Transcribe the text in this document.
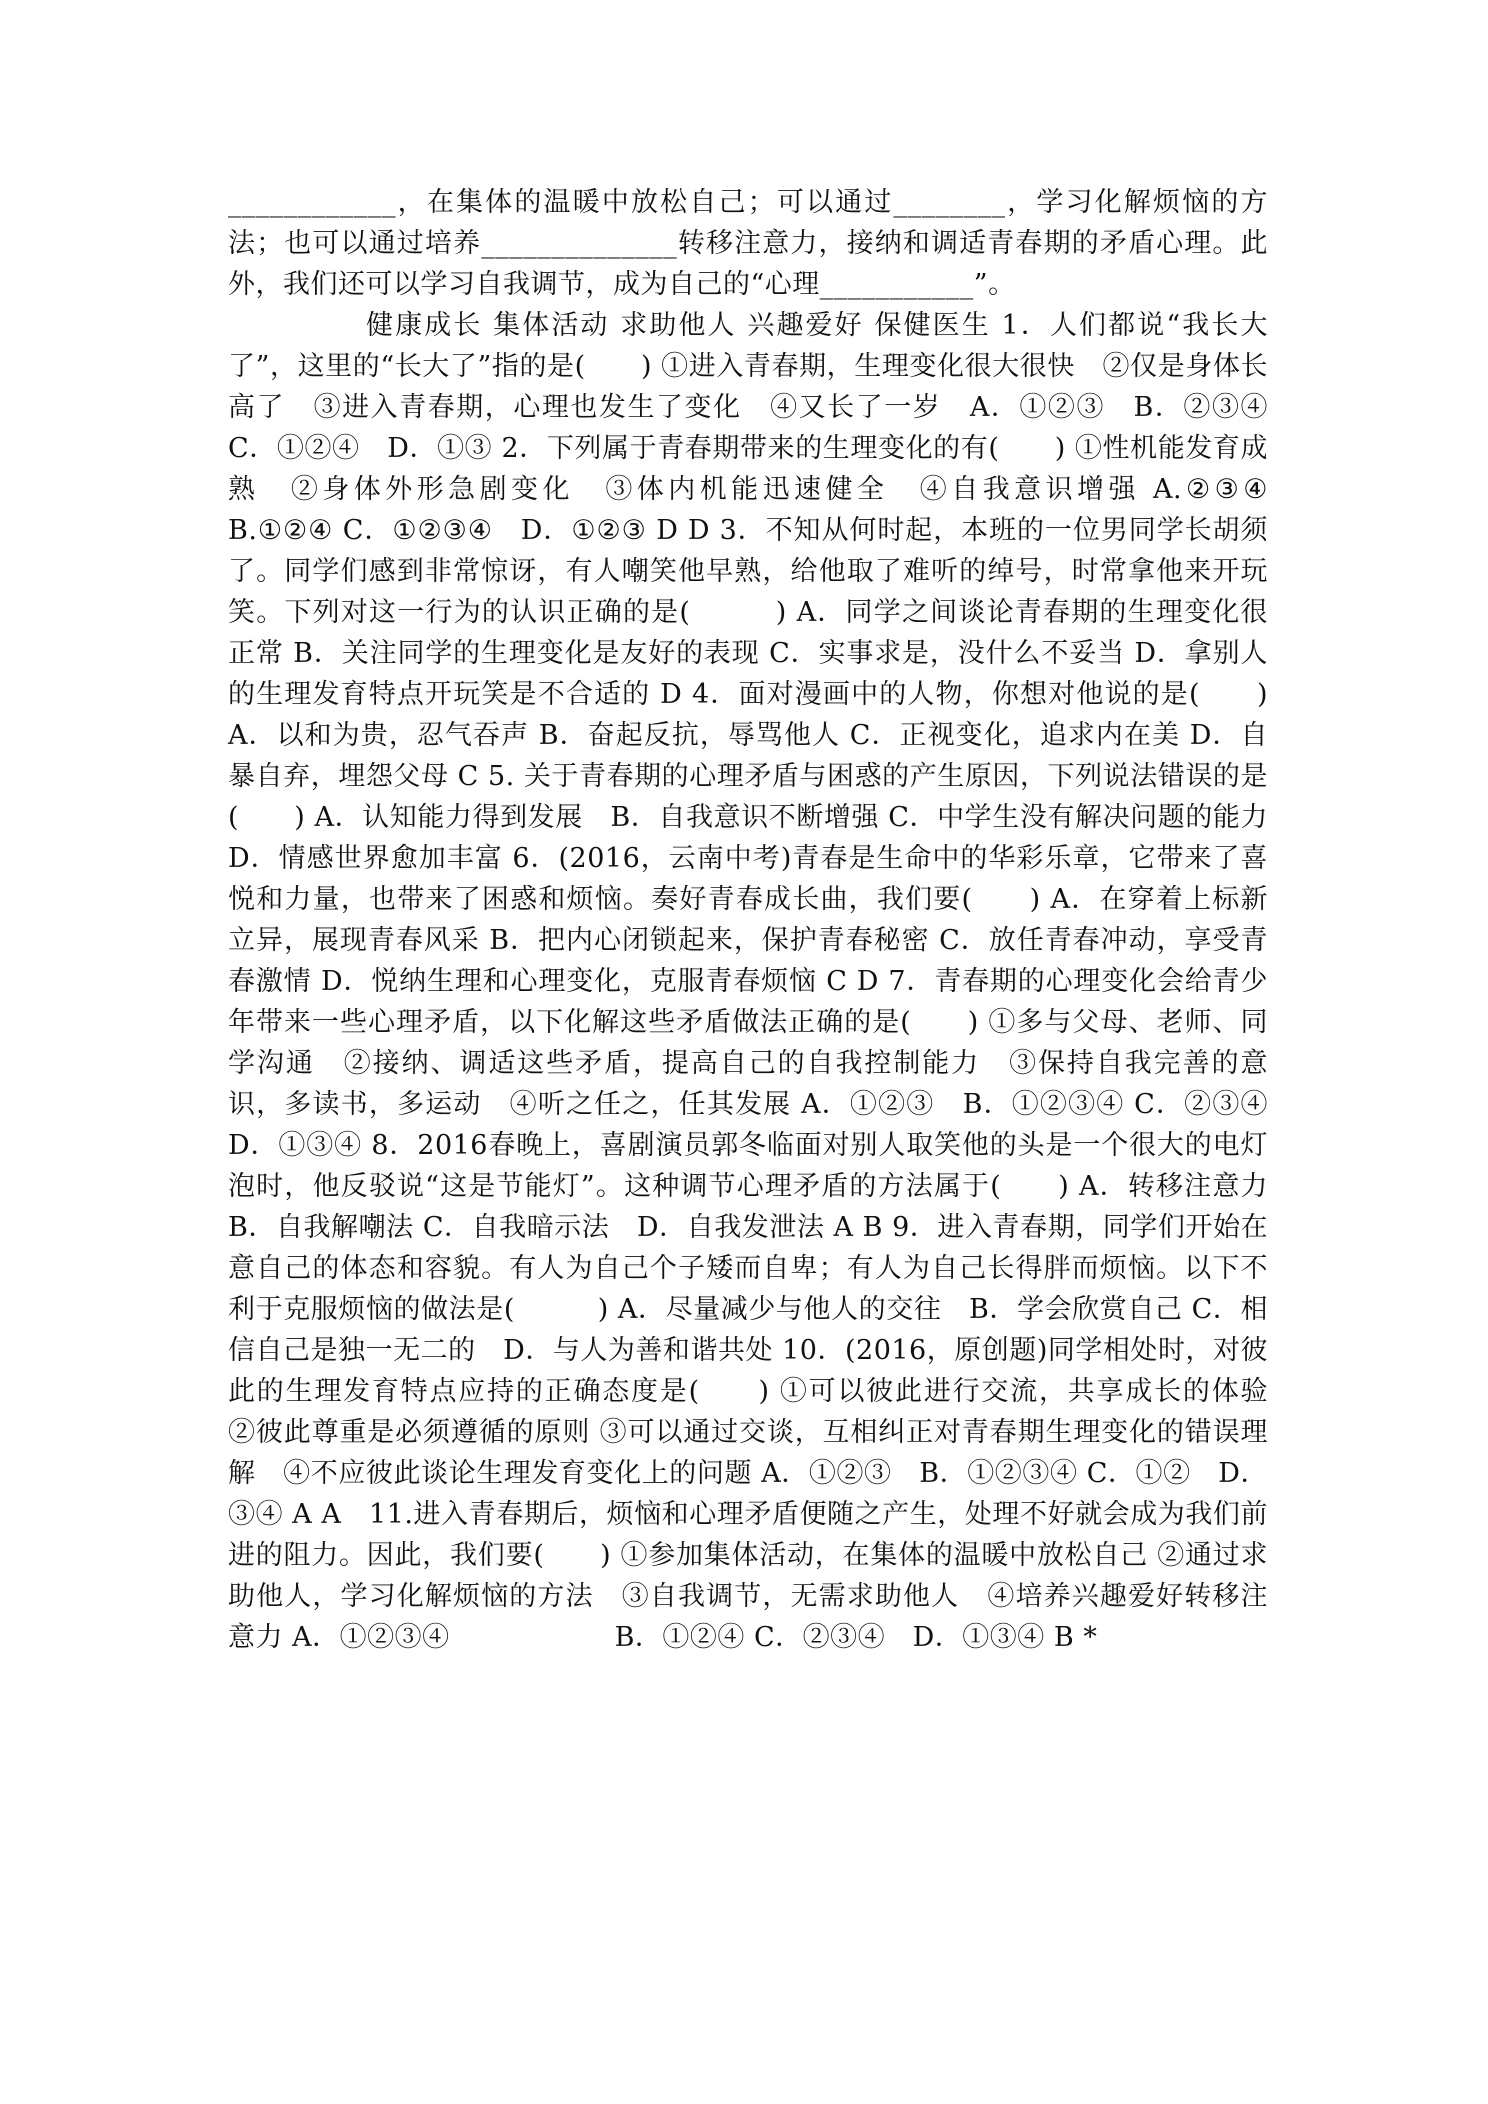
____________，在集体的温暖中放松自己；可以通过________，学习化解烦恼的方法；也可以通过培养______________转移注意力，接纳和调适青春期的矛盾心理。此外，我们还可以学习自我调节，成为自己的“心理___________”。

健康成长 集体活动 求助他人 兴趣爱好 保健医生 1．人们都说“我长大了”，这里的“长大了”指的是(　　) ①进入青春期，生理变化很大很快　②仅是身体长高了　③进入青春期，心理也发生了变化　④又长了一岁　A．①②③　B．②③④ C．①②④　D．①③ 2．下列属于青春期带来的生理变化的有(　　) ①性机能发育成熟　②身体外形急剧变化　③体内机能迅速健全　④自我意识增强 A.②③④　B.①②④ C．①②③④　D．①②③ D D 3．不知从何时起，本班的一位男同学长胡须了。同学们感到非常惊讶，有人嘲笑他早熟，给他取了难听的绰号，时常拿他来开玩笑。下列对这一行为的认识正确的是(　　　) A．同学之间谈论青春期的生理变化很正常 B．关注同学的生理变化是友好的表现 C．实事求是，没什么不妥当 D．拿别人的生理发育特点开玩笑是不合适的 D 4．面对漫画中的人物，你想对他说的是(　　) A．以和为贵，忍气吞声 B．奋起反抗，辱骂他人 C．正视变化，追求内在美 D．自暴自弃，埋怨父母 C 5. 关于青春期的心理矛盾与困惑的产生原因，下列说法错误的是(　　) A．认知能力得到发展　B．自我意识不断增强 C．中学生没有解决问题的能力　D．情感世界愈加丰富 6．(2016，云南中考)青春是生命中的华彩乐章，它带来了喜悦和力量，也带来了困惑和烦恼。奏好青春成长曲，我们要(　　) A．在穿着上标新立异，展现青春风采 B．把内心闭锁起来，保护青春秘密 C．放任青春冲动，享受青春激情 D．悦纳生理和心理变化，克服青春烦恼 C D 7．青春期的心理变化会给青少年带来一些心理矛盾，以下化解这些矛盾做法正确的是(　　) ①多与父母、老师、同学沟通　②接纳、调适这些矛盾，提高自己的自我控制能力　③保持自我完善的意识，多读书，多运动　④听之任之，任其发展 A．①②③　B．①②③④ C．②③④　D．①③④ 8．2016春晚上，喜剧演员郭冬临面对别人取笑他的头是一个很大的电灯泡时，他反驳说“这是节能灯”。这种调节心理矛盾的方法属于(　　) A．转移注意力　B．自我解嘲法 C．自我暗示法　D．自我发泄法 A B 9．进入青春期，同学们开始在意自己的体态和容貌。有人为自己个子矮而自卑；有人为自己长得胖而烦恼。以下不利于克服烦恼的做法是(　　　) A．尽量减少与他人的交往　B．学会欣赏自己 C．相信自己是独一无二的　D．与人为善和谐共处 10．(2016，原创题)同学相处时，对彼此的生理发育特点应持的正确态度是(　　) ①可以彼此进行交流，共享成长的体验　②彼此尊重是必须遵循的原则 ③可以通过交谈，互相纠正对青春期生理变化的错误理解　④不应彼此谈论生理发育变化上的问题 A．①②③　B．①②③④ C．①②　D．③④ A A　11.进入青春期后，烦恼和心理矛盾便随之产生，处理不好就会成为我们前进的阻力。因此，我们要(　　) ①参加集体活动，在集体的温暖中放松自己 ②通过求助他人，学习化解烦恼的方法　③自我调节，无需求助他人　④培养兴趣爱好转移注意力 A．①②③④　　　　　　B．①②④ C．②③④　D．①③④ B *
